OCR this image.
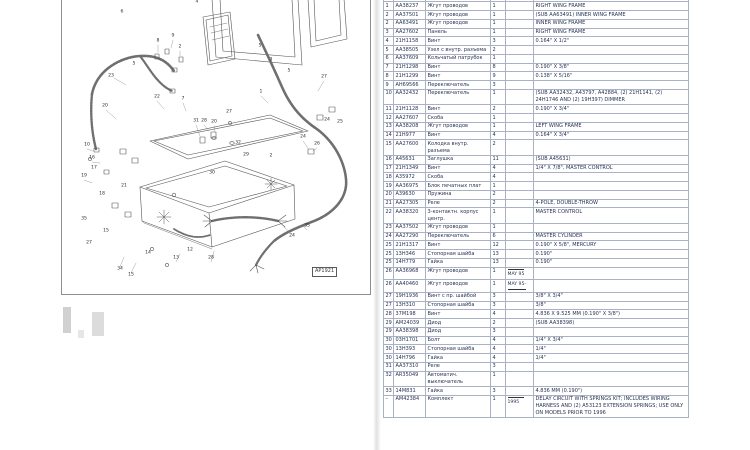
4
6
8
9
2
5
23
5
3
5
1
27
20
22	7
31 28 20
27
32
29
24 25
24
26
2
10
16
17
19
21
18
30
35
15
27
14
12
34
15
13	28
24
35
AP1921

1	AA38237	Жгут проводов	1		RIGHT WING FRAME
2	AA37501	Жгут проводов	1		(SUB AA63491) INNER WING FRAME
2	AA63491	Жгут проводов	1		INNER WING FRAME
3	AA27602	Панель	1		RIGHT WING FRAME
4	21H1158	Винт	3		0.164" X 1/2"
5	AA38505	Узел с внутр. разъема	2		
6	AA37609	Кольчатый патрубок	1		
7	21H1298	Винт	8		0.190" X 3/8"
8	21H1299	Винт	9		0.138" X 5/16"
9	AH69566	Переключатель	3		
10	AA32432	Переключатель	1		(SUB AA32432, A43797, A42884, (2) 21H1141, (2) 24H1746 AND (2) 19H397) DIMMER
11	21H1128	Винт	2		0.190" X 3/4"
12	AA27607	Скоба	1		
13	AA38208	Жгут проводов	1		LEFT WING FRAME
14	21H977	Винт	4		0.164" X 3/4"
15	AA27600	Колодка внутр. разъема	2		
16	A45631	Заглушка	11		(SUB A45631)
17	21H1349	Винт	4		1/4" X 7/8", MASTER CONTROL
18	A35972	Скоба	4		
19	AA36975	Блок печатных плат	1		
20	A39630	Пружина	2		
21	AA27305	Реле	2		4-POLE, DOUBLE-THROW
22	AA38320	3-контактн. корпус центр.	1		MASTER CONTROL
23	AA37502	Жгут проводов	1		
24	AA27290	Переключатель	6		MASTER CYLINDER
25	21H1317	Винт	12		0.190" X 5/8", MERCURY
25	13H346	Стопорная шайба	13		0.190"
25	14H779	Гайка	13		0.190"
26	AA36968	Жгут проводов	1	MAY 95	
26	AA40460	Жгут проводов	1	MAY 95-	
27	19H1936	Винт с пр. шайбой	3		3/8" X 3/4"
27	13H310	Стопорная шайба	3		3/8"
28	37M198	Винт	4		4.836 X 9.525 MM (0.190" X 3/8")
29	AM24039	Диод	2		(SUB AA38398)
29	AA38398	Диод	3		
30	03H1701	Болт	4		1/4" X 3/4"
30	13H393	Стопорная шайба	4		1/4"
30	14H796	Гайка	4		1/4"
31	AA37310	Реле	3		
32	AR35049	Автоматич. выключатель	1		
33	14M831	Гайка	3		4.836 MM (0.190")
–	AM42384	Комплект	1	1995	DELAY CIRCUIT WITH SPRINGS KIT; INCLUDES WIRING HARNESS AND (2) A53123 EXTENSION SPRINGS; USE ONLY ON MODELS PRIOR TO 1996
